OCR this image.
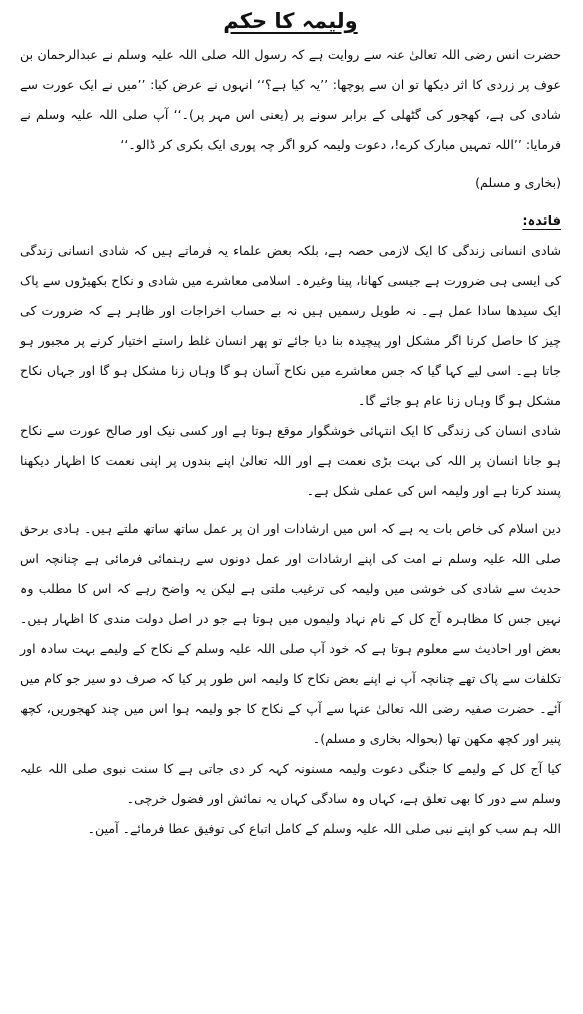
ولیمہ کا حکم

حضرت انس رضی اللہ تعالیٰ عنہ سے روایت ہے کہ رسول اللہ صلی اللہ علیہ وسلم نے عبدالرحمان بن عوف پر زردی کا اثر دیکھا تو ان سے پوچھا: ’’یہ کیا ہے؟‘‘ انہوں نے عرض کیا: ’’میں نے ایک عورت سے شادی کی ہے، کھجور کی گٹھلی کے برابر سونے پر (یعنی اس مہر پر)۔‘‘ آپ صلی اللہ علیہ وسلم نے فرمایا: ’’اللہ تمہیں مبارک کرے!، دعوت ولیمہ کرو اگر چہ پوری ایک بکری کر ڈالو۔‘‘

(بخاری و مسلم)

فائدہ:

شادی انسانی زندگی کا ایک لازمی حصہ ہے، بلکہ بعض علماء یہ فرماتے ہیں کہ شادی انسانی زندگی کی ایسی ہی ضرورت ہے جیسی کھانا، پینا وغیرہ۔ اسلامی معاشرے میں شادی و نکاح بکھیڑوں سے پاک ایک سیدھا سادا عمل ہے۔ نہ طویل رسمیں ہیں نہ بے حساب اخراجات اور ظاہر ہے کہ ضرورت کی چیز کا حاصل کرنا اگر مشکل اور پیچیدہ بنا دیا جائے تو پھر انسان غلط راستے اختیار کرنے پر مجبور ہو جاتا ہے۔ اسی لیے کہا گیا کہ جس معاشرے میں نکاح آسان ہو گا وہاں زنا مشکل ہو گا اور جہاں نکاح مشکل ہو گا وہاں زنا عام ہو جائے گا۔

شادی انسان کی زندگی کا ایک انتہائی خوشگوار موقع ہوتا ہے اور کسی نیک اور صالح عورت سے نکاح ہو جانا انسان پر اللہ کی بہت بڑی نعمت ہے اور اللہ تعالیٰ اپنے بندوں پر اپنی نعمت کا اظہار دیکھنا پسند کرتا ہے اور ولیمہ اس کی عملی شکل ہے۔

دین اسلام کی خاص بات یہ ہے کہ اس میں ارشادات اور ان پر عمل ساتھ ساتھ ملتے ہیں۔ ہادی برحق صلی اللہ علیہ وسلم نے امت کی اپنے ارشادات اور عمل دونوں سے رہنمائی فرمائی ہے چنانچہ اس حدیث سے شادی کی خوشی میں ولیمہ کی ترغیب ملتی ہے لیکن یہ واضح رہے کہ اس کا مطلب وہ نہیں جس کا مظاہرہ آج کل کے نام نہاد ولیموں میں ہوتا ہے جو در اصل دولت مندی کا اظہار ہیں۔ بعض اور احادیث سے معلوم ہوتا ہے کہ خود آپ صلی اللہ علیہ وسلم کے نکاح کے ولیمے بہت سادہ اور تکلفات سے پاک تھے چنانچہ آپ نے اپنے بعض نکاح کا ولیمہ اس طور پر کیا کہ صرف دو سیر جو کام میں آئے۔ حضرت صفیہ رضی اللہ تعالیٰ عنہا سے آپ کے نکاح کا جو ولیمہ ہوا اس میں چند کھجوریں، کچھ پنیر اور کچھ مکھن تھا (بحوالہ بخاری و مسلم)۔

کیا آج کل کے ولیمے کا جنگی دعوت ولیمہ مسنونہ کہہ کر دی جاتی ہے کا سنت نبوی صلی اللہ علیہ وسلم سے دور کا بھی تعلق ہے، کہاں وہ سادگی کہاں یہ نمائش اور فضول خرچی۔

اللہ ہم سب کو اپنے نبی صلی اللہ علیہ وسلم کے کامل اتباع کی توفیق عطا فرمائے۔ آمین۔
